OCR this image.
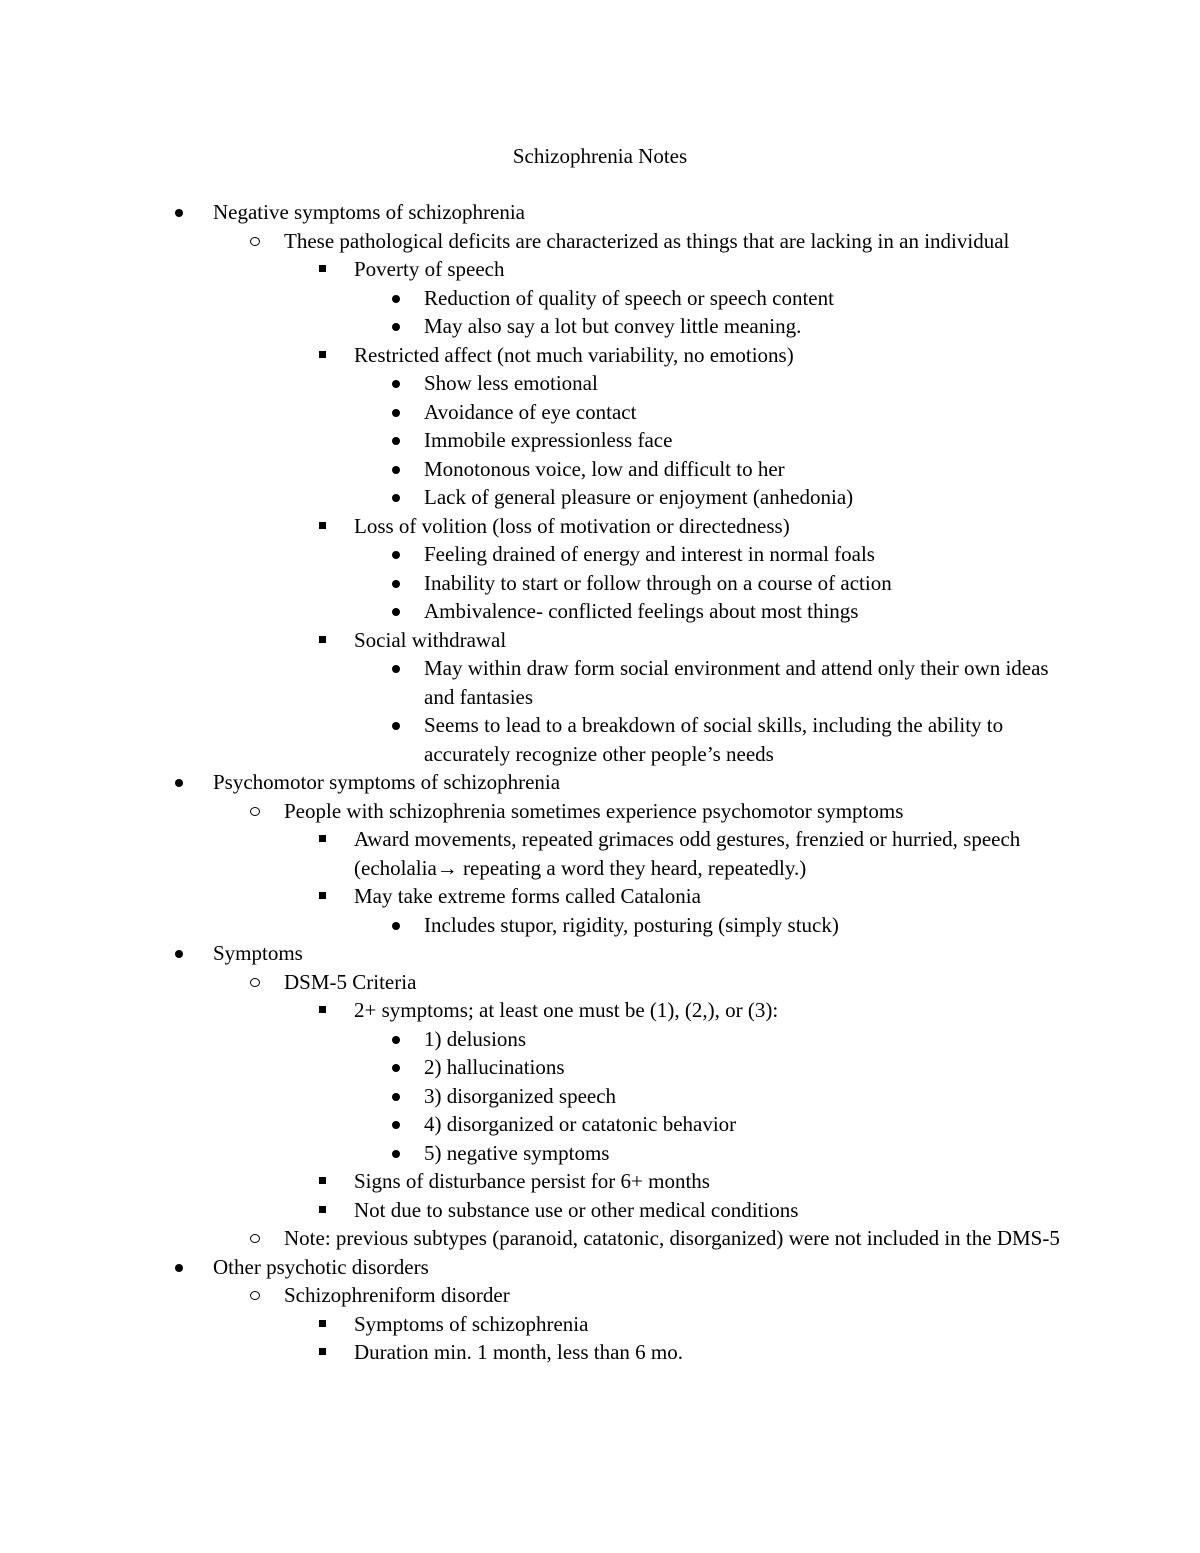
Schizophrenia Notes
Negative symptoms of schizophrenia
These pathological deficits are characterized as things that are lacking in an individual
Poverty of speech
Reduction of quality of speech or speech content
May also say a lot but convey little meaning.
Restricted affect (not much variability, no emotions)
Show less emotional
Avoidance of eye contact
Immobile expressionless face
Monotonous voice, low and difficult to her
Lack of general pleasure or enjoyment (anhedonia)
Loss of volition (loss of motivation or directedness)
Feeling drained of energy and interest in normal foals
Inability to start or follow through on a course of action
Ambivalence- conflicted feelings about most things
Social withdrawal
May within draw form social environment and attend only their own ideas and fantasies
Seems to lead to a breakdown of social skills, including the ability to accurately recognize other people’s needs
Psychomotor symptoms of schizophrenia
People with schizophrenia sometimes experience psychomotor symptoms
Award movements, repeated grimaces odd gestures, frenzied or hurried, speech (echolalia→ repeating a word they heard, repeatedly.)
May take extreme forms called Catalonia
Includes stupor, rigidity, posturing (simply stuck)
Symptoms
DSM-5 Criteria
2+ symptoms; at least one must be (1), (2,), or (3):
1) delusions
2) hallucinations
3) disorganized speech
4) disorganized or catatonic behavior
5) negative symptoms
Signs of disturbance persist for 6+ months
Not due to substance use or other medical conditions
Note: previous subtypes (paranoid, catatonic, disorganized) were not included in the DMS-5
Other psychotic disorders
Schizophreniform disorder
Symptoms of schizophrenia
Duration min. 1 month, less than 6 mo.
